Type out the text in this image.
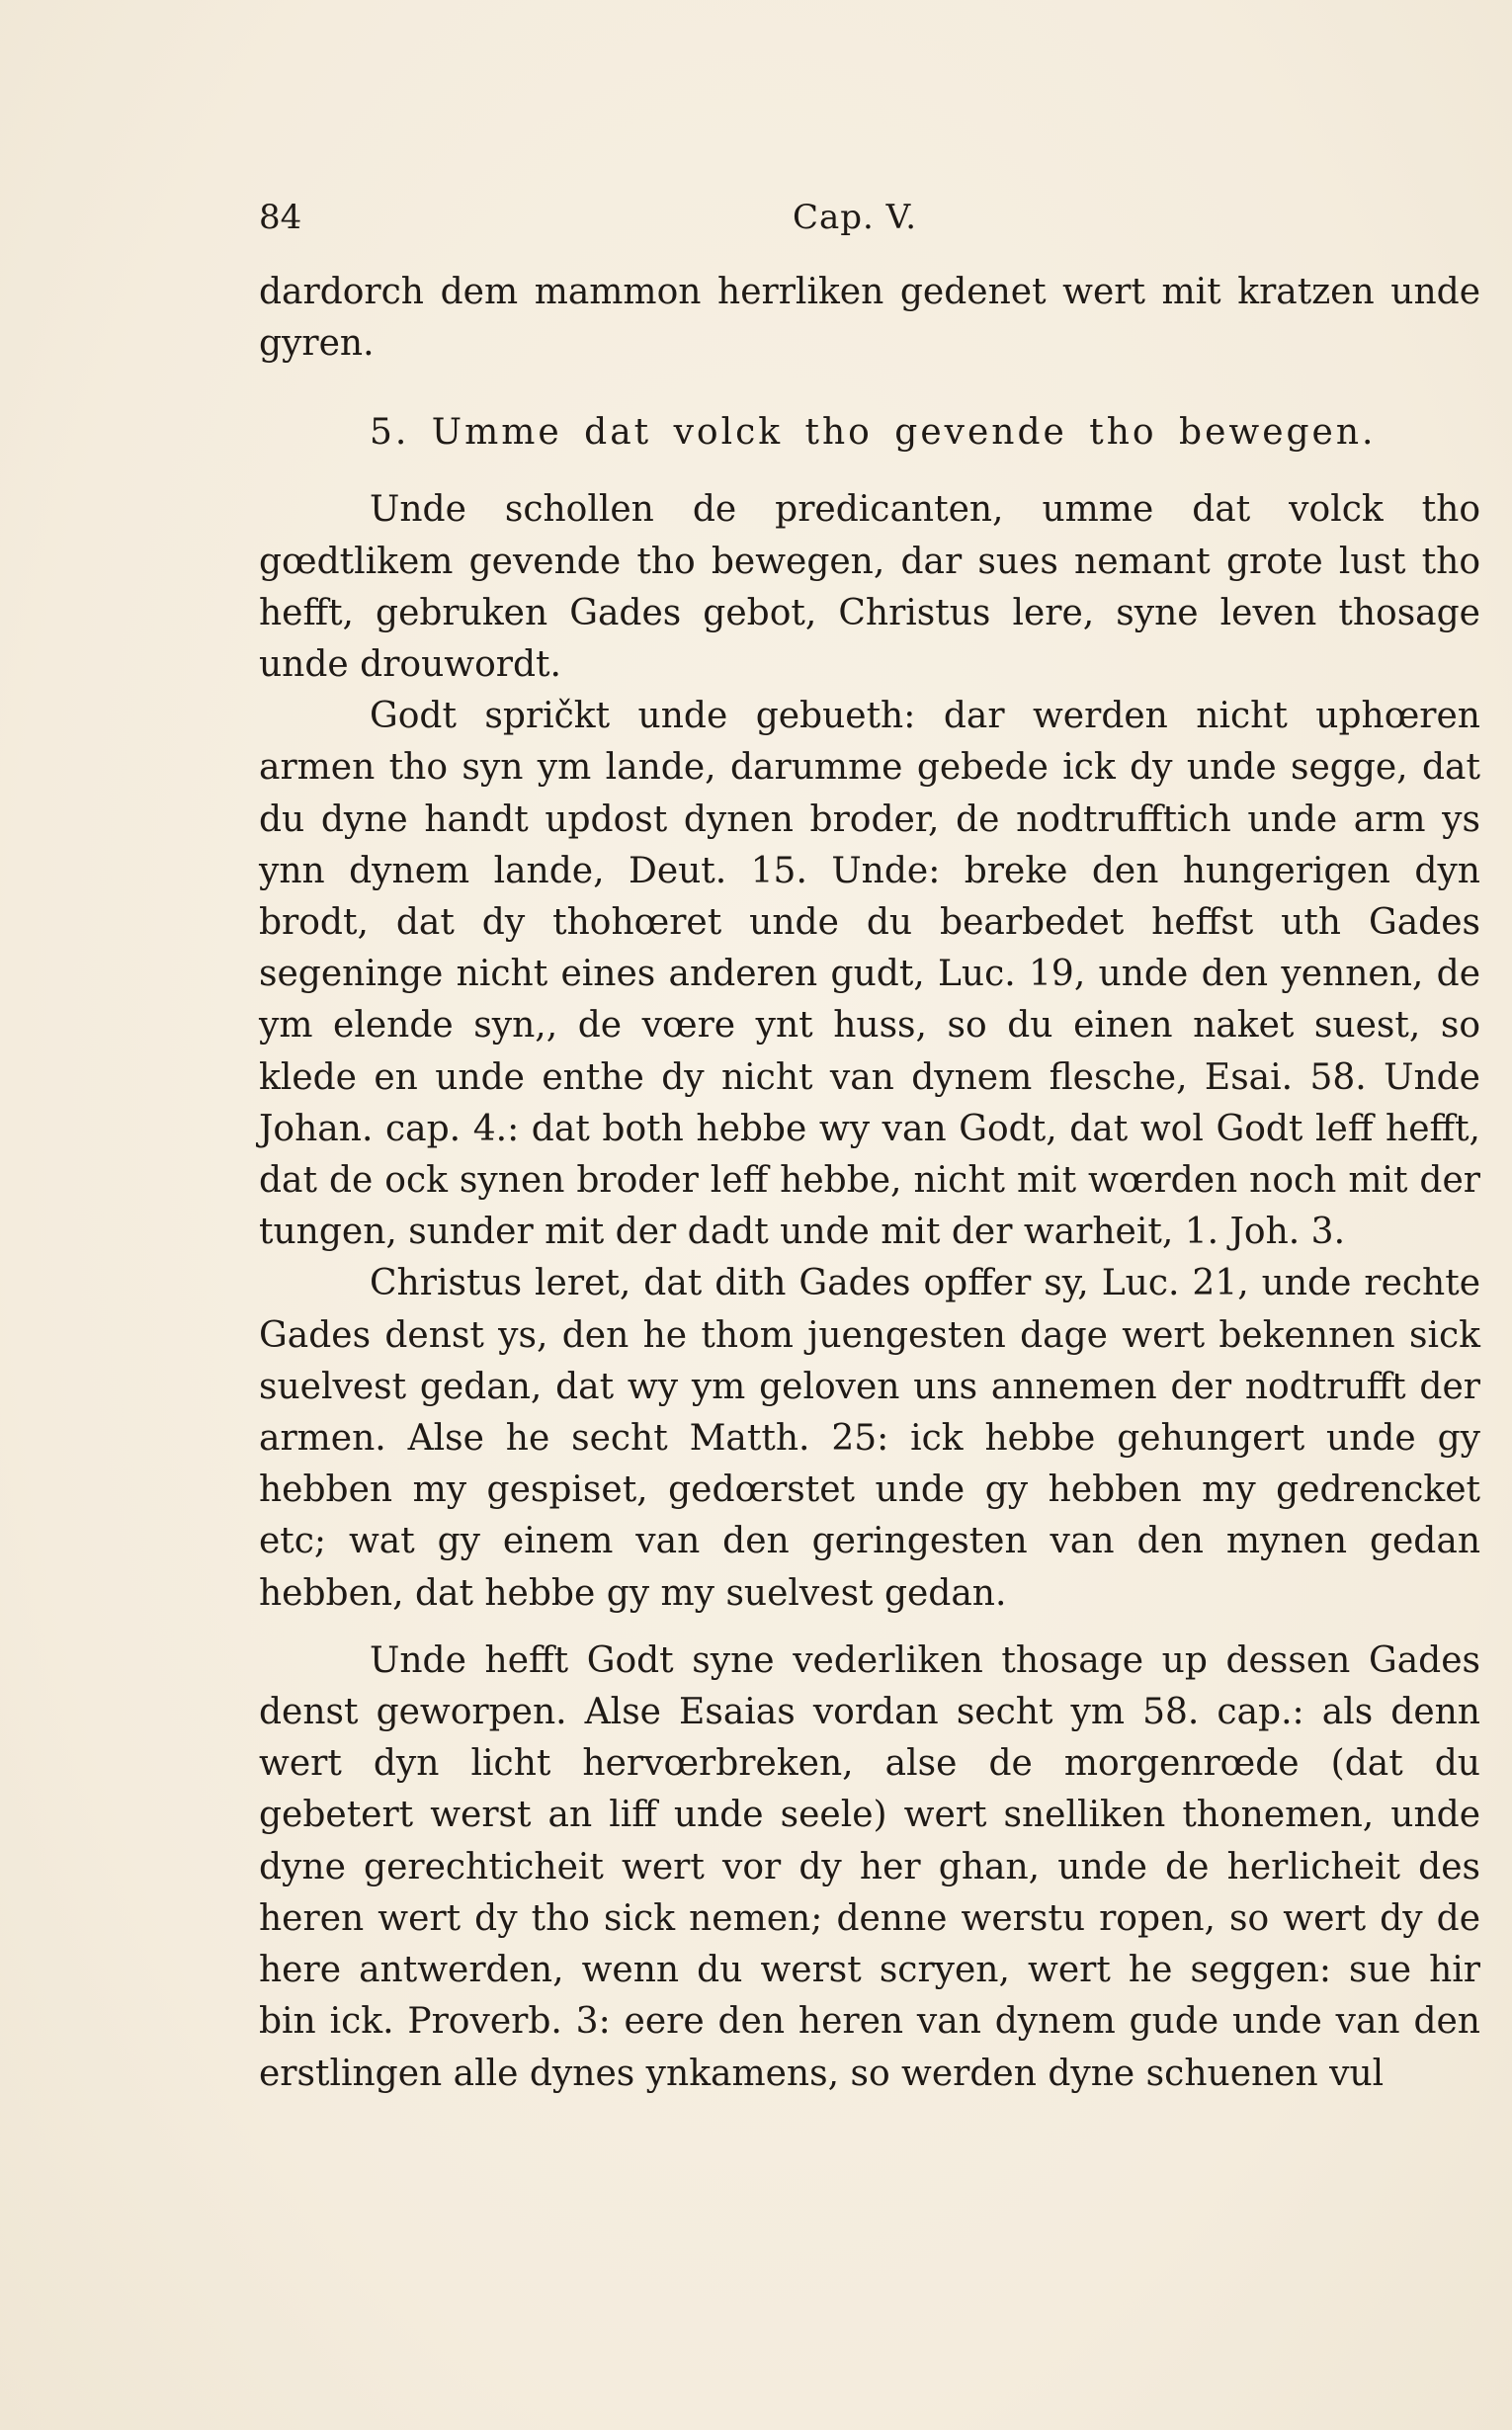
84	Cap. V.

dardorch dem mammon herrliken gedenet wert mit kratzen unde gyren.

5. Umme dat volck tho gevende tho bewegen.

Unde schollen de predicanten, umme dat volck tho gœdtlikem gevende tho bewegen, dar sues nemant grote lust tho hefft, gebruken Gades gebot, Christus lere, syne leven thosage unde drouwordt.

Godt spričkt unde gebueth: dar werden nicht uphœren armen tho syn ym lande, darumme gebede ick dy unde segge, dat du dyne handt updost dynen broder, de nodtrufftich unde arm ys ynn dynem lande, Deut. 15. Unde: breke den hungerigen dyn brodt, dat dy thohœret unde du bearbedet heffst uth Gades segeninge nicht eines anderen gudt, Luc. 19, unde den yennen, de ym elende syn,, de vœre ynt huss, so du einen naket suest, so klede en unde enthe dy nicht van dynem flesche, Esai. 58. Unde Johan. cap. 4.: dat both hebbe wy van Godt, dat wol Godt leff hefft, dat de ock synen broder leff hebbe, nicht mit wœrden noch mit der tungen, sunder mit der dadt unde mit der warheit, 1. Joh. 3.

Christus leret, dat dith Gades opffer sy, Luc. 21, unde rechte Gades denst ys, den he thom juengesten dage wert bekennen sick suelvest gedan, dat wy ym geloven uns annemen der nodtrufft der armen. Alse he secht Matth. 25: ick hebbe gehungert unde gy hebben my gespiset, gedœrstet unde gy hebben my gedrencket etc; wat gy einem van den geringesten van den mynen gedan hebben, dat hebbe gy my suelvest gedan.

Unde hefft Godt syne vederliken thosage up dessen Gades denst geworpen. Alse Esaias vordan secht ym 58. cap.: als denn wert dyn licht hervœrbreken, alse de morgenrœde (dat du gebetert werst an liff unde seele) wert snelliken thonemen, unde dyne gerechticheit wert vor dy her ghan, unde de herlicheit des heren wert dy tho sick nemen; denne werstu ropen, so wert dy de here antwerden, wenn du werst scryen, wert he seggen: sue hir bin ick. Proverb. 3: eere den heren van dynem gude unde van den erstlingen alle dynes ynkamens, so werden dyne schuenen vul
